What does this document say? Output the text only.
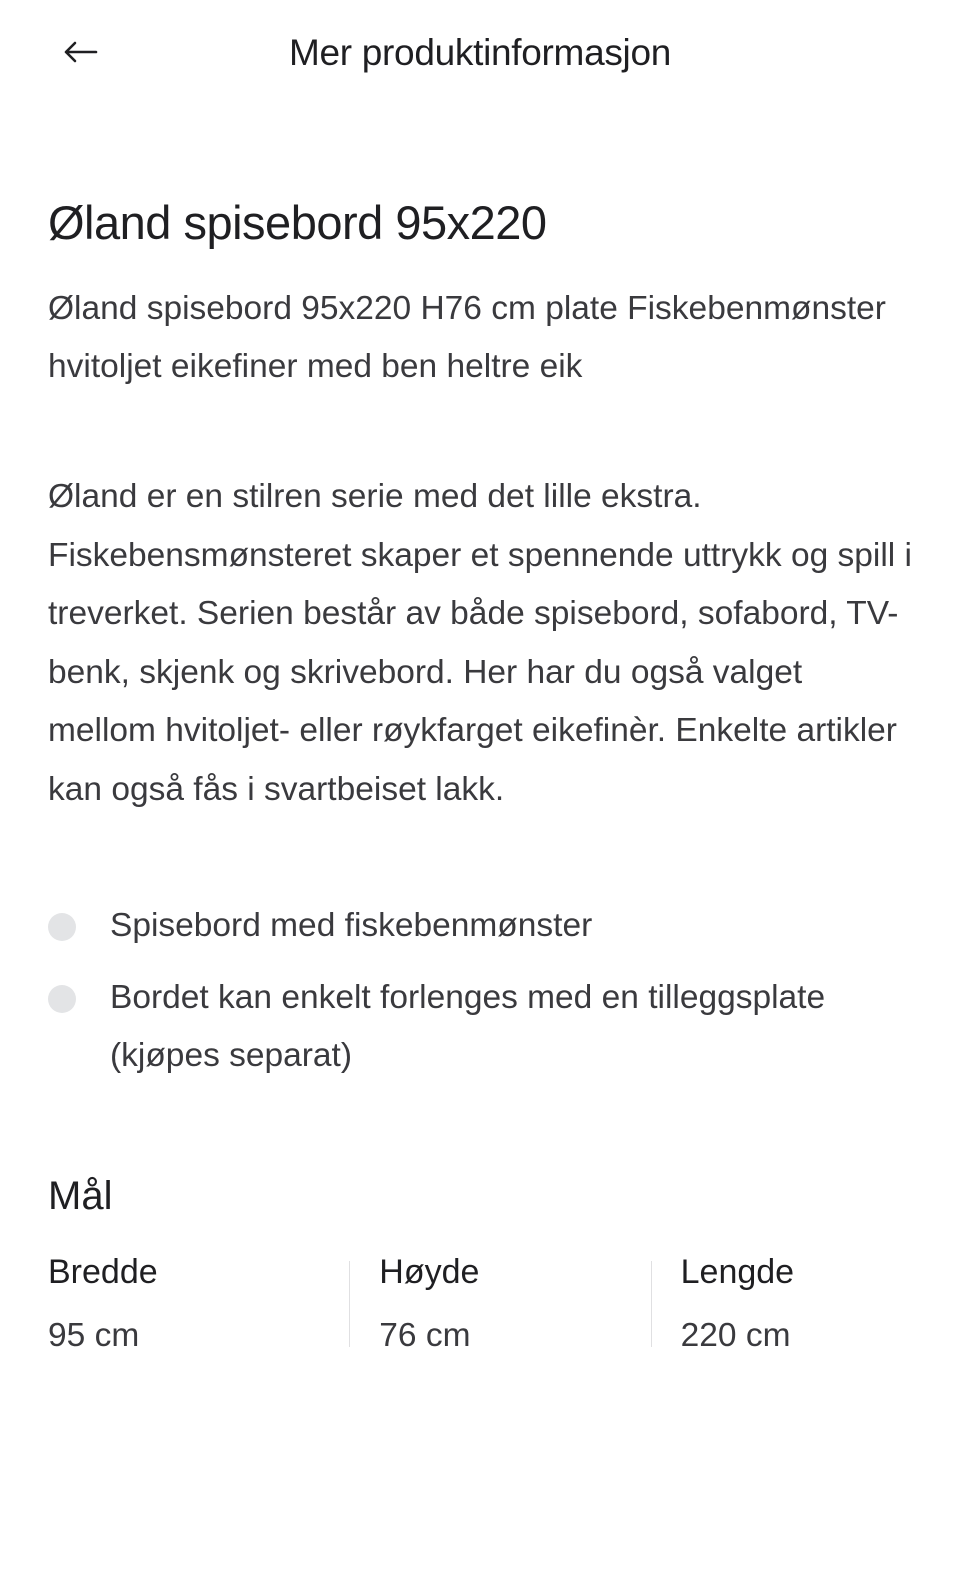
Mer produktinformasjon
Øland spisebord 95x220

Øland spisebord 95x220 H76 cm plate Fiskebenmønster hvitoljet eikefiner med ben heltre eik

Øland er en stilren serie med det lille ekstra. Fiskebensmønsteret skaper et spennende uttrykk og spill i treverket. Serien består av både spisebord, sofabord, TV-benk, skjenk og skrivebord. Her har du også valget mellom hvitoljet- eller røykfarget eikefinèr. Enkelte artikler kan også fås i svartbeiset lakk.

Spisebord med fiskebenmønster
Bordet kan enkelt forlenges med en tilleggsplate (kjøpes separat)
Mål
Bredde
95 cm
Høyde
76 cm
Lengde
220 cm
